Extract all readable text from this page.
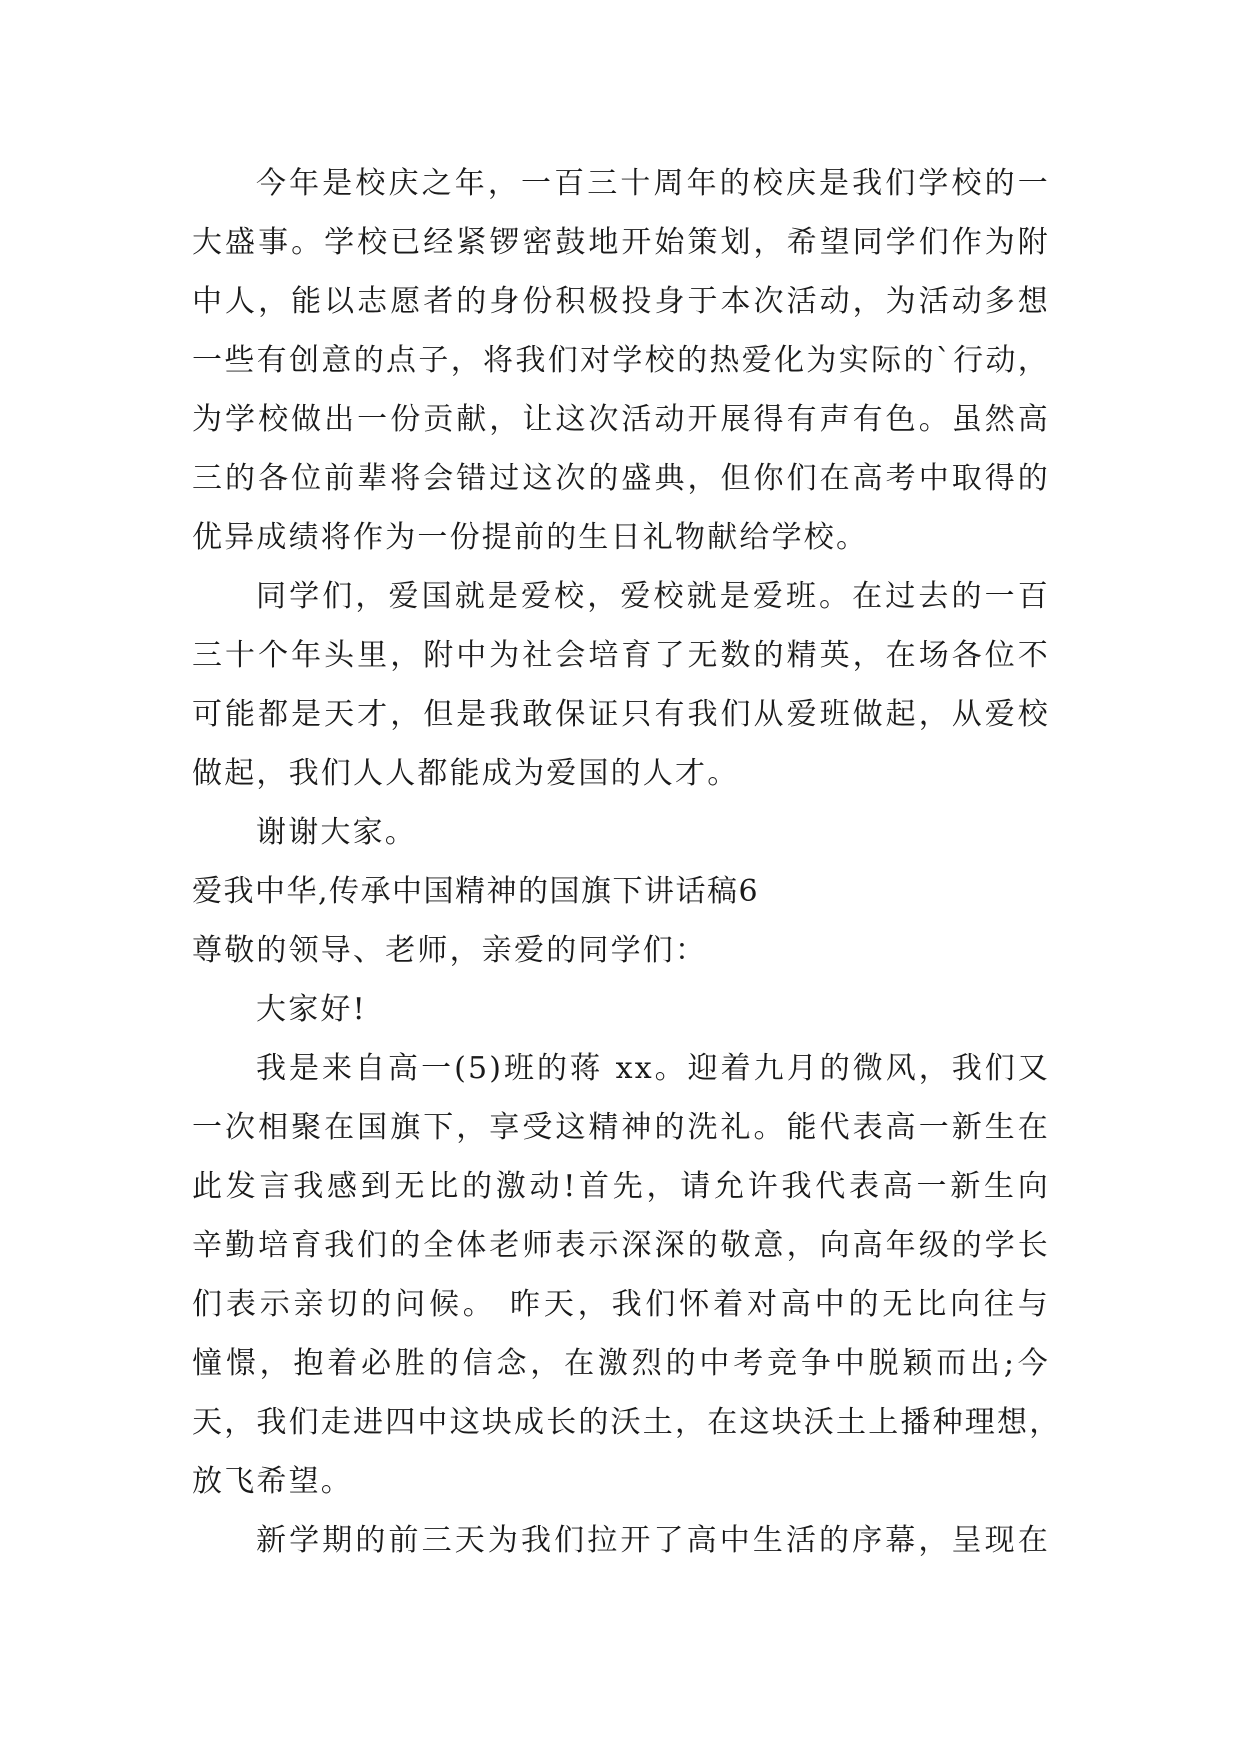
今年是校庆之年，一百三十周年的校庆是我们学校的一
大盛事。学校已经紧锣密鼓地开始策划，希望同学们作为附
中人，能以志愿者的身份积极投身于本次活动，为活动多想
一些有创意的点子，将我们对学校的热爱化为实际的`行动，
为学校做出一份贡献，让这次活动开展得有声有色。虽然高
三的各位前辈将会错过这次的盛典，但你们在高考中取得的
优异成绩将作为一份提前的生日礼物献给学校。
同学们，爱国就是爱校，爱校就是爱班。在过去的一百
三十个年头里，附中为社会培育了无数的精英，在场各位不
可能都是天才，但是我敢保证只有我们从爱班做起，从爱校
做起，我们人人都能成为爱国的人才。
谢谢大家。

爱我中华,传承中国精神的国旗下讲话稿6

尊敬的领导、老师，亲爱的同学们：

大家好!
我是来自高一(5)班的蒋 xx。迎着九月的微风，我们又
一次相聚在国旗下，享受这精神的洗礼。能代表高一新生在
此发言我感到无比的激动!首先，请允许我代表高一新生向
辛勤培育我们的全体老师表示深深的敬意，向高年级的学长
们表示亲切的问候。 昨天，我们怀着对高中的无比向往与
憧憬，抱着必胜的信念，在激烈的中考竞争中脱颖而出;今
天，我们走进四中这块成长的沃土，在这块沃土上播种理想，
放飞希望。
新学期的前三天为我们拉开了高中生活的序幕，呈现在
